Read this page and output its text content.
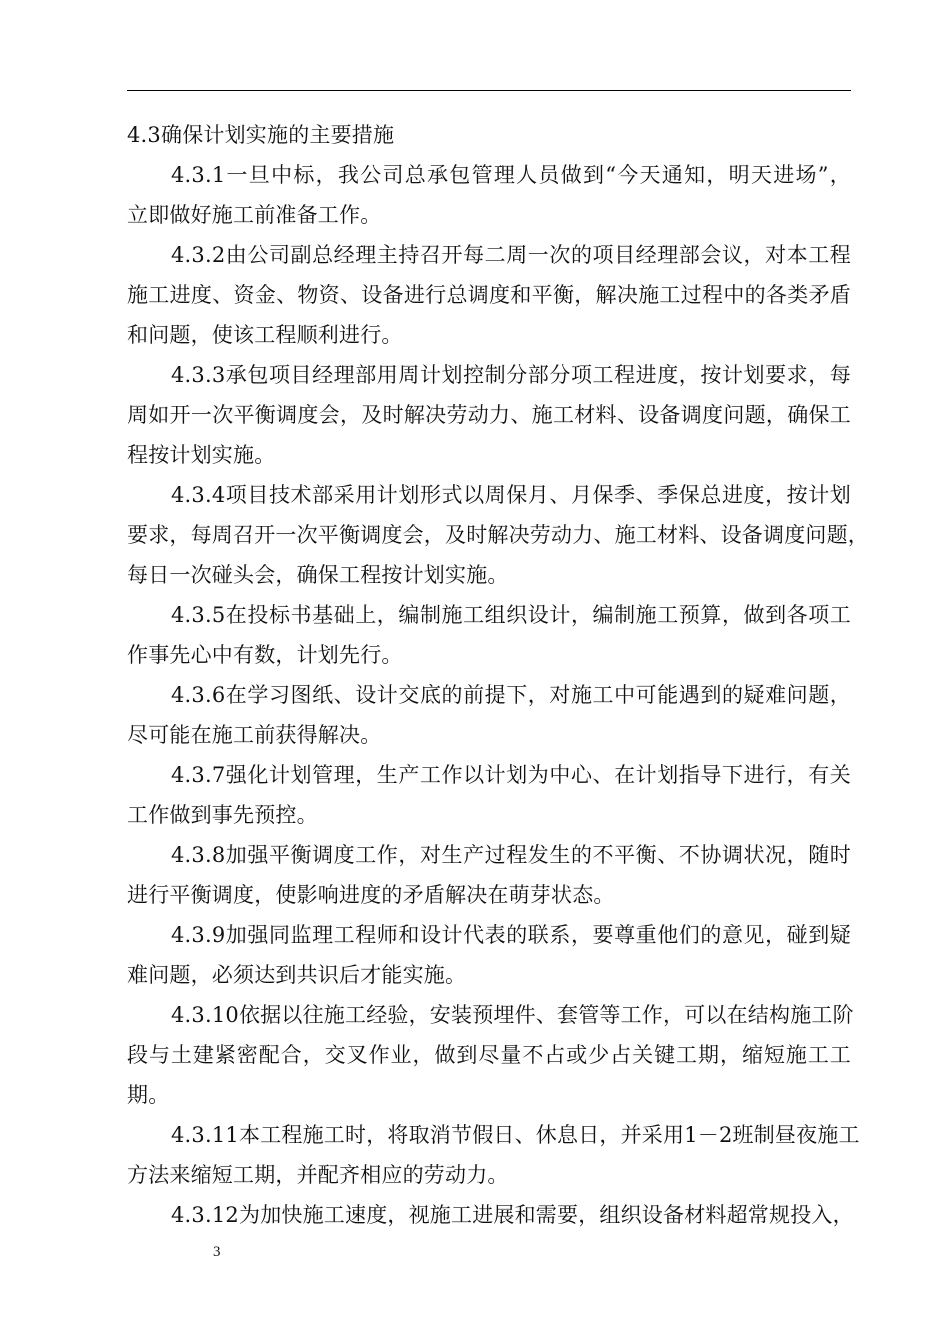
4.3确保计划实施的主要措施
4.3.1一旦中标，我公司总承包管理人员做到“今天通知，明天进场”，
立即做好施工前准备工作。
4.3.2由公司副总经理主持召开每二周一次的项目经理部会议，对本工程
施工进度、资金、物资、设备进行总调度和平衡，解决施工过程中的各类矛盾
和问题，使该工程顺利进行。
4.3.3承包项目经理部用周计划控制分部分项工程进度，按计划要求，每
周如开一次平衡调度会，及时解决劳动力、施工材料、设备调度问题，确保工
程按计划实施。
4.3.4项目技术部采用计划形式以周保月、月保季、季保总进度，按计划
要求，每周召开一次平衡调度会，及时解决劳动力、施工材料、设备调度问题，
每日一次碰头会，确保工程按计划实施。
4.3.5在投标书基础上，编制施工组织设计，编制施工预算，做到各项工
作事先心中有数，计划先行。
4.3.6在学习图纸、设计交底的前提下，对施工中可能遇到的疑难问题，
尽可能在施工前获得解决。
4.3.7强化计划管理，生产工作以计划为中心、在计划指导下进行，有关
工作做到事先预控。
4.3.8加强平衡调度工作，对生产过程发生的不平衡、不协调状况，随时
进行平衡调度，使影响进度的矛盾解决在萌芽状态。
4.3.9加强同监理工程师和设计代表的联系，要尊重他们的意见，碰到疑
难问题，必须达到共识后才能实施。
4.3.10依据以往施工经验，安装预埋件、套管等工作，可以在结构施工阶
段与土建紧密配合，交叉作业，做到尽量不占或少占关键工期，缩短施工工
期。
4.3.11本工程施工时，将取消节假日、休息日，并采用1－2班制昼夜施工
方法来缩短工期，并配齐相应的劳动力。
4.3.12为加快施工速度，视施工进展和需要，组织设备材料超常规投入，
3
